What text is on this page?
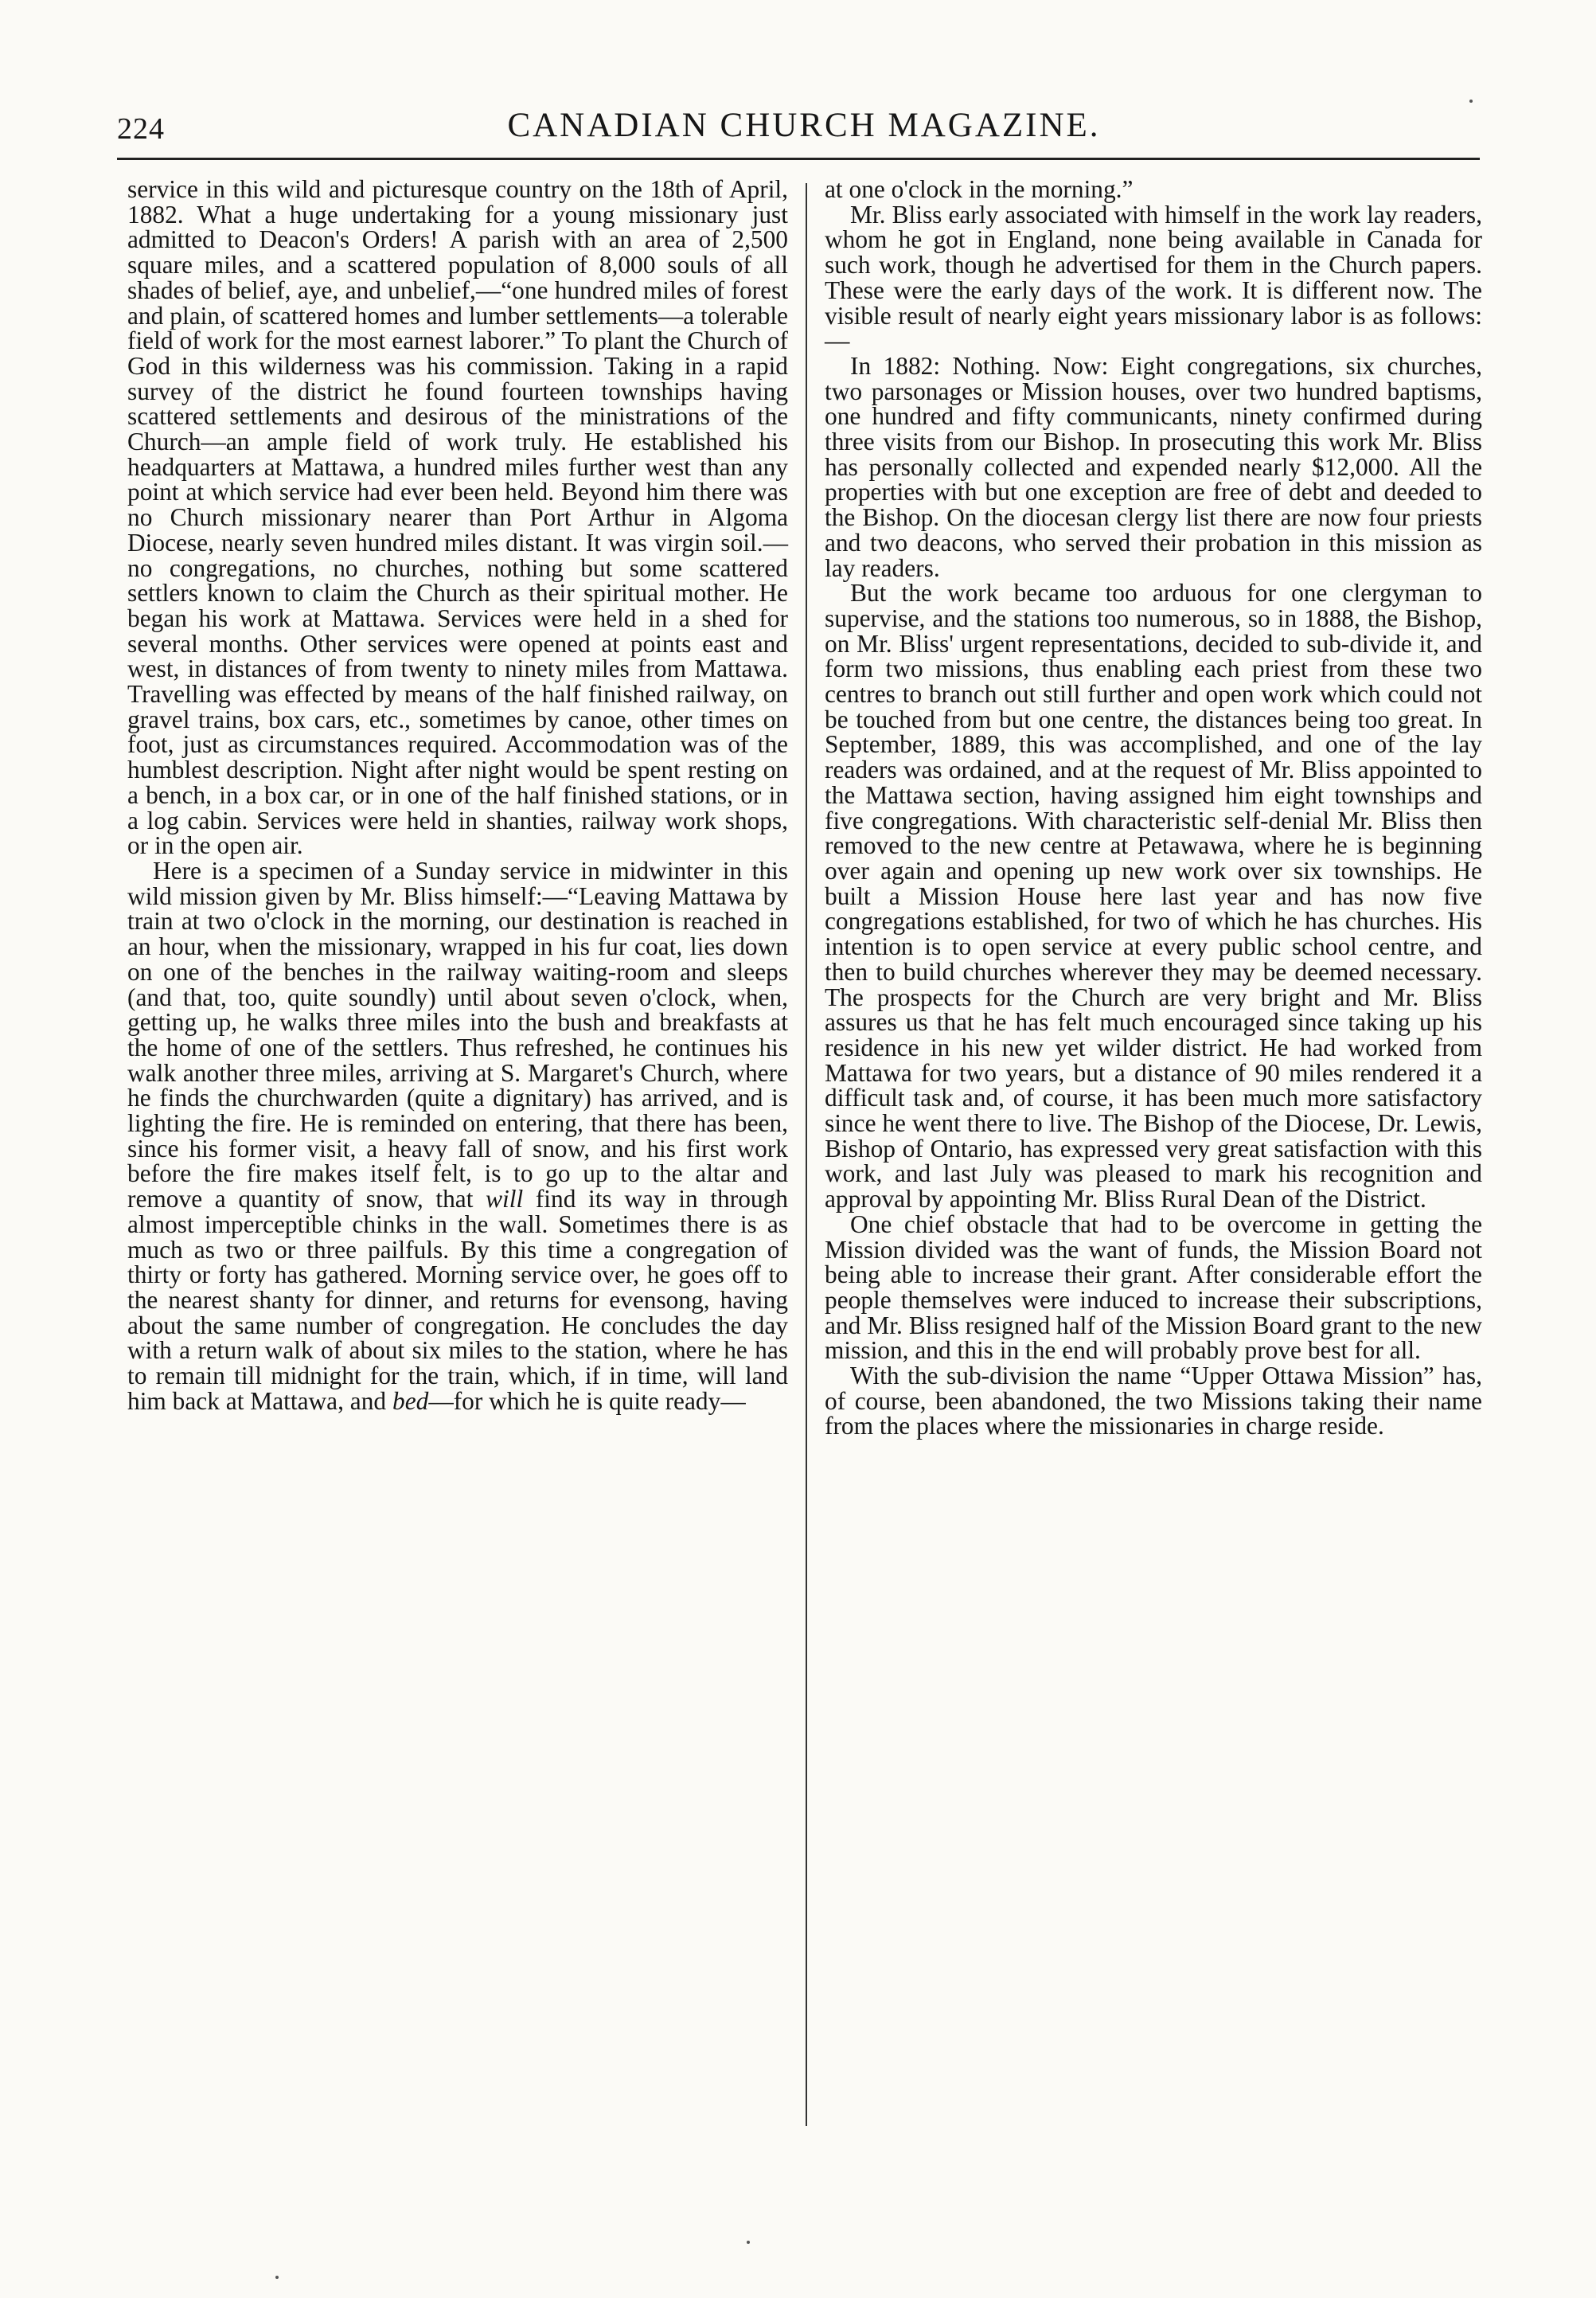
224	CANADIAN CHURCH MAGAZINE.

service in this wild and picturesque country on the 18th of April, 1882. What a huge undertaking for a young missionary just admitted to Deacon's Orders! A parish with an area of 2,500 square miles, and a scattered population of 8,000 souls of all shades of belief, aye, and unbelief,—“one hundred miles of forest and plain, of scattered homes and lumber settlements—a tolerable field of work for the most earnest laborer.” To plant the Church of God in this wilderness was his commission. Taking in a rapid survey of the district he found fourteen townships having scattered settlements and desirous of the ministrations of the Church—an ample field of work truly. He established his headquarters at Mattawa, a hundred miles further west than any point at which service had ever been held. Beyond him there was no Church missionary nearer than Port Arthur in Algoma Diocese, nearly seven hundred miles distant. It was virgin soil.—no congregations, no churches, nothing but some scattered settlers known to claim the Church as their spiritual mother. He began his work at Mattawa. Services were held in a shed for several months. Other services were opened at points east and west, in distances of from twenty to ninety miles from Mattawa. Travelling was effected by means of the half finished railway, on gravel trains, box cars, etc., sometimes by canoe, other times on foot, just as circumstances required. Accommodation was of the humblest description. Night after night would be spent resting on a bench, in a box car, or in one of the half finished stations, or in a log cabin. Services were held in shanties, railway work shops, or in the open air.

Here is a specimen of a Sunday service in midwinter in this wild mission given by Mr. Bliss himself:—“Leaving Mattawa by train at two o'clock in the morning, our destination is reached in an hour, when the missionary, wrapped in his fur coat, lies down on one of the benches in the railway waiting-room and sleeps (and that, too, quite soundly) until about seven o'clock, when, getting up, he walks three miles into the bush and breakfasts at the home of one of the settlers. Thus refreshed, he continues his walk another three miles, arriving at S. Margaret's Church, where he finds the churchwarden (quite a dignitary) has arrived, and is lighting the fire. He is reminded on entering, that there has been, since his former visit, a heavy fall of snow, and his first work before the fire makes itself felt, is to go up to the altar and remove a quantity of snow, that will find its way in through almost imperceptible chinks in the wall. Sometimes there is as much as two or three pailfuls. By this time a congregation of thirty or forty has gathered. Morning service over, he goes off to the nearest shanty for dinner, and returns for evensong, having about the same number of congregation. He concludes the day with a return walk of about six miles to the station, where he has to remain till midnight for the train, which, if in time, will land him back at Mattawa, and bed—for which he is quite ready—

at one o'clock in the morning.”

Mr. Bliss early associated with himself in the work lay readers, whom he got in England, none being available in Canada for such work, though he advertised for them in the Church papers. These were the early days of the work. It is different now. The visible result of nearly eight years missionary labor is as follows:—

In 1882: Nothing. Now: Eight congregations, six churches, two parsonages or Mission houses, over two hundred baptisms, one hundred and fifty communicants, ninety confirmed during three visits from our Bishop. In prosecuting this work Mr. Bliss has personally collected and expended nearly $12,000. All the properties with but one exception are free of debt and deeded to the Bishop. On the diocesan clergy list there are now four priests and two deacons, who served their probation in this mission as lay readers.

But the work became too arduous for one clergyman to supervise, and the stations too numerous, so in 1888, the Bishop, on Mr. Bliss' urgent representations, decided to sub-divide it, and form two missions, thus enabling each priest from these two centres to branch out still further and open work which could not be touched from but one centre, the distances being too great. In September, 1889, this was accomplished, and one of the lay readers was ordained, and at the request of Mr. Bliss appointed to the Mattawa section, having assigned him eight townships and five congregations. With characteristic self-denial Mr. Bliss then removed to the new centre at Petawawa, where he is beginning over again and opening up new work over six townships. He built a Mission House here last year and has now five congregations established, for two of which he has churches. His intention is to open service at every public school centre, and then to build churches wherever they may be deemed necessary. The prospects for the Church are very bright and Mr. Bliss assures us that he has felt much encouraged since taking up his residence in his new yet wilder district. He had worked from Mattawa for two years, but a distance of 90 miles rendered it a difficult task and, of course, it has been much more satisfactory since he went there to live. The Bishop of the Diocese, Dr. Lewis, Bishop of Ontario, has expressed very great satisfaction with this work, and last July was pleased to mark his recognition and approval by appointing Mr. Bliss Rural Dean of the District.

One chief obstacle that had to be overcome in getting the Mission divided was the want of funds, the Mission Board not being able to increase their grant. After considerable effort the people themselves were induced to increase their subscriptions, and Mr. Bliss resigned half of the Mission Board grant to the new mission, and this in the end will probably prove best for all.

With the sub-division the name “Upper Ottawa Mission” has, of course, been abandoned, the two Missions taking their name from the places where the missionaries in charge reside.
